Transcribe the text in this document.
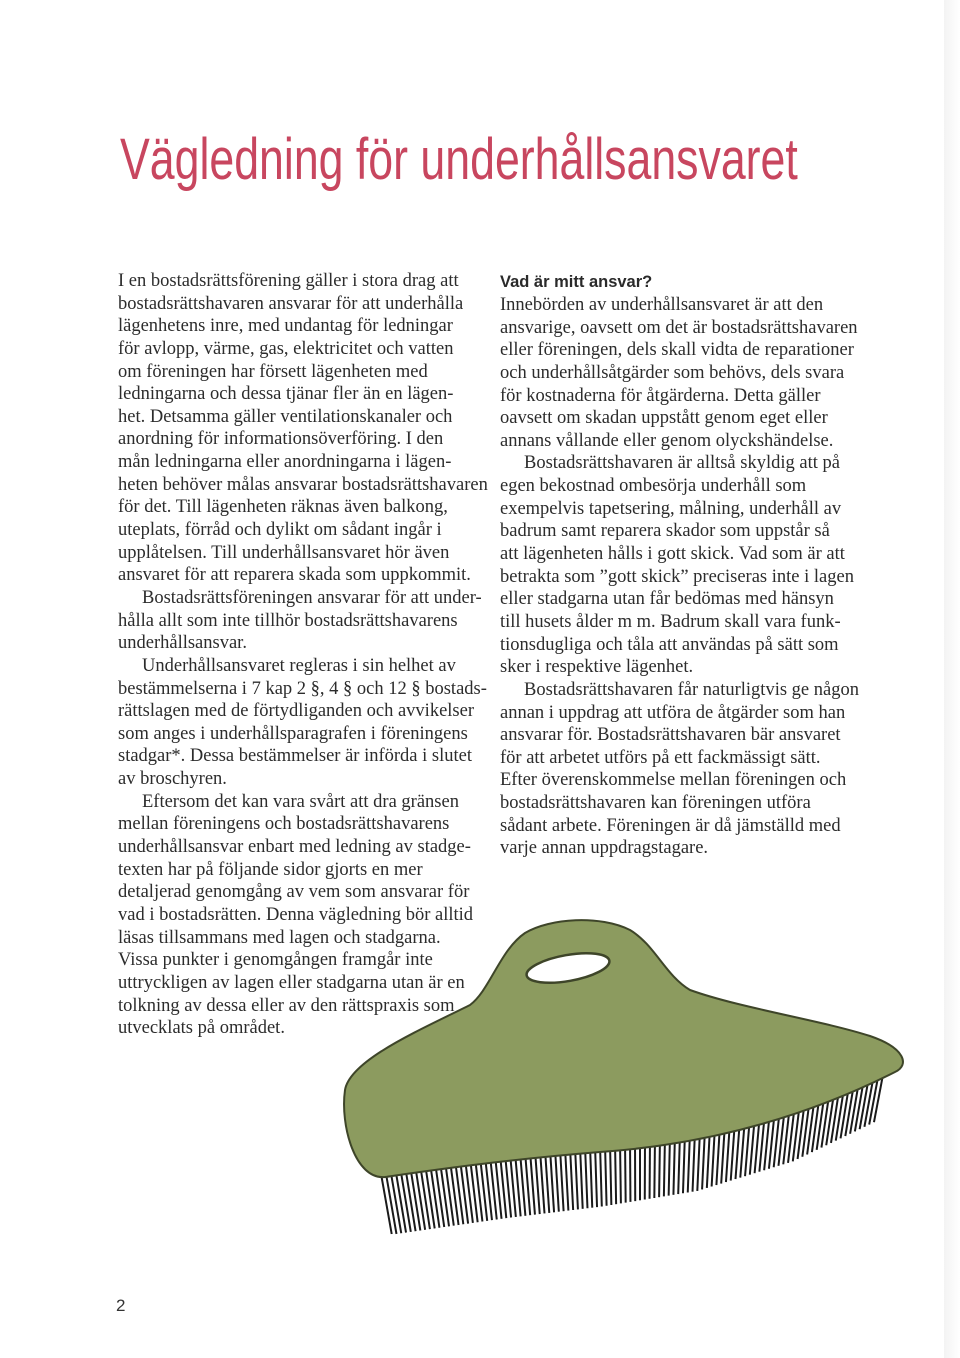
Vägledning för underhållsansvaret
I en bostadsrättsförening gäller i stora drag att
bostadsrättshavaren ansvarar för att underhålla
lägenhetens inre, med undantag för ledningar
för avlopp, värme, gas, elektricitet och vatten
om föreningen har försett lägenheten med
ledningarna och dessa tjänar fler än en lägen-
het. Detsamma gäller ventilationskanaler och
anordning för informationsöverföring. I den
mån ledningarna eller anordningarna i lägen-
heten behöver målas ansvarar bostadsrättshavaren
för det. Till lägenheten räknas även balkong,
uteplats, förråd och dylikt om sådant ingår i
upplåtelsen. Till underhållsansvaret hör även
ansvaret för att reparera skada som uppkommit.
Bostadsrättsföreningen ansvarar för att under-
hålla allt som inte tillhör bostadsrättshavarens
underhållsansvar.
Underhållsansvaret regleras i sin helhet av
bestämmelserna i 7 kap 2 §, 4 § och 12 § bostads-
rättslagen med de förtydliganden och avvikelser
som anges i underhållsparagrafen i föreningens
stadgar*. Dessa bestämmelser är införda i slutet
av broschyren.
Eftersom det kan vara svårt att dra gränsen
mellan föreningens och bostadsrättshavarens
underhållsansvar enbart med ledning av stadge-
texten har på följande sidor gjorts en mer
detaljerad genomgång av vem som ansvarar för
vad i bostadsrätten. Denna vägledning bör alltid
läsas tillsammans med lagen och stadgarna.
Vissa punkter i genomgången framgår inte
uttryckligen av lagen eller stadgarna utan är en
tolkning av dessa eller av den rättspraxis som
utvecklats på området.
Vad är mitt ansvar?
Innebörden av underhållsansvaret är att den
ansvarige, oavsett om det är bostadsrättshavaren
eller föreningen, dels skall vidta de reparationer
och underhållsåtgärder som behövs, dels svara
för kostnaderna för åtgärderna. Detta gäller
oavsett om skadan uppstått genom eget eller
annans vållande eller genom olyckshändelse.
Bostadsrättshavaren är alltså skyldig att på
egen bekostnad ombesörja underhåll som
exempelvis tapetsering, målning, underhåll av
badrum samt reparera skador som uppstår så
att lägenheten hålls i gott skick. Vad som är att
betrakta som ”gott skick” preciseras inte i lagen
eller stadgarna utan får bedömas med hänsyn
till husets ålder m m. Badrum skall vara funk-
tionsdugliga och tåla att användas på sätt som
sker i respektive lägenhet.
Bostadsrättshavaren får naturligtvis ge någon
annan i uppdrag att utföra de åtgärder som han
ansvarar för. Bostadsrättshavaren bär ansvaret
för att arbetet utförs på ett fackmässigt sätt.
Efter överenskommelse mellan föreningen och
bostadsrättshavaren kan föreningen utföra
sådant arbete. Föreningen är då jämställd med
varje annan uppdragstagare.
2
